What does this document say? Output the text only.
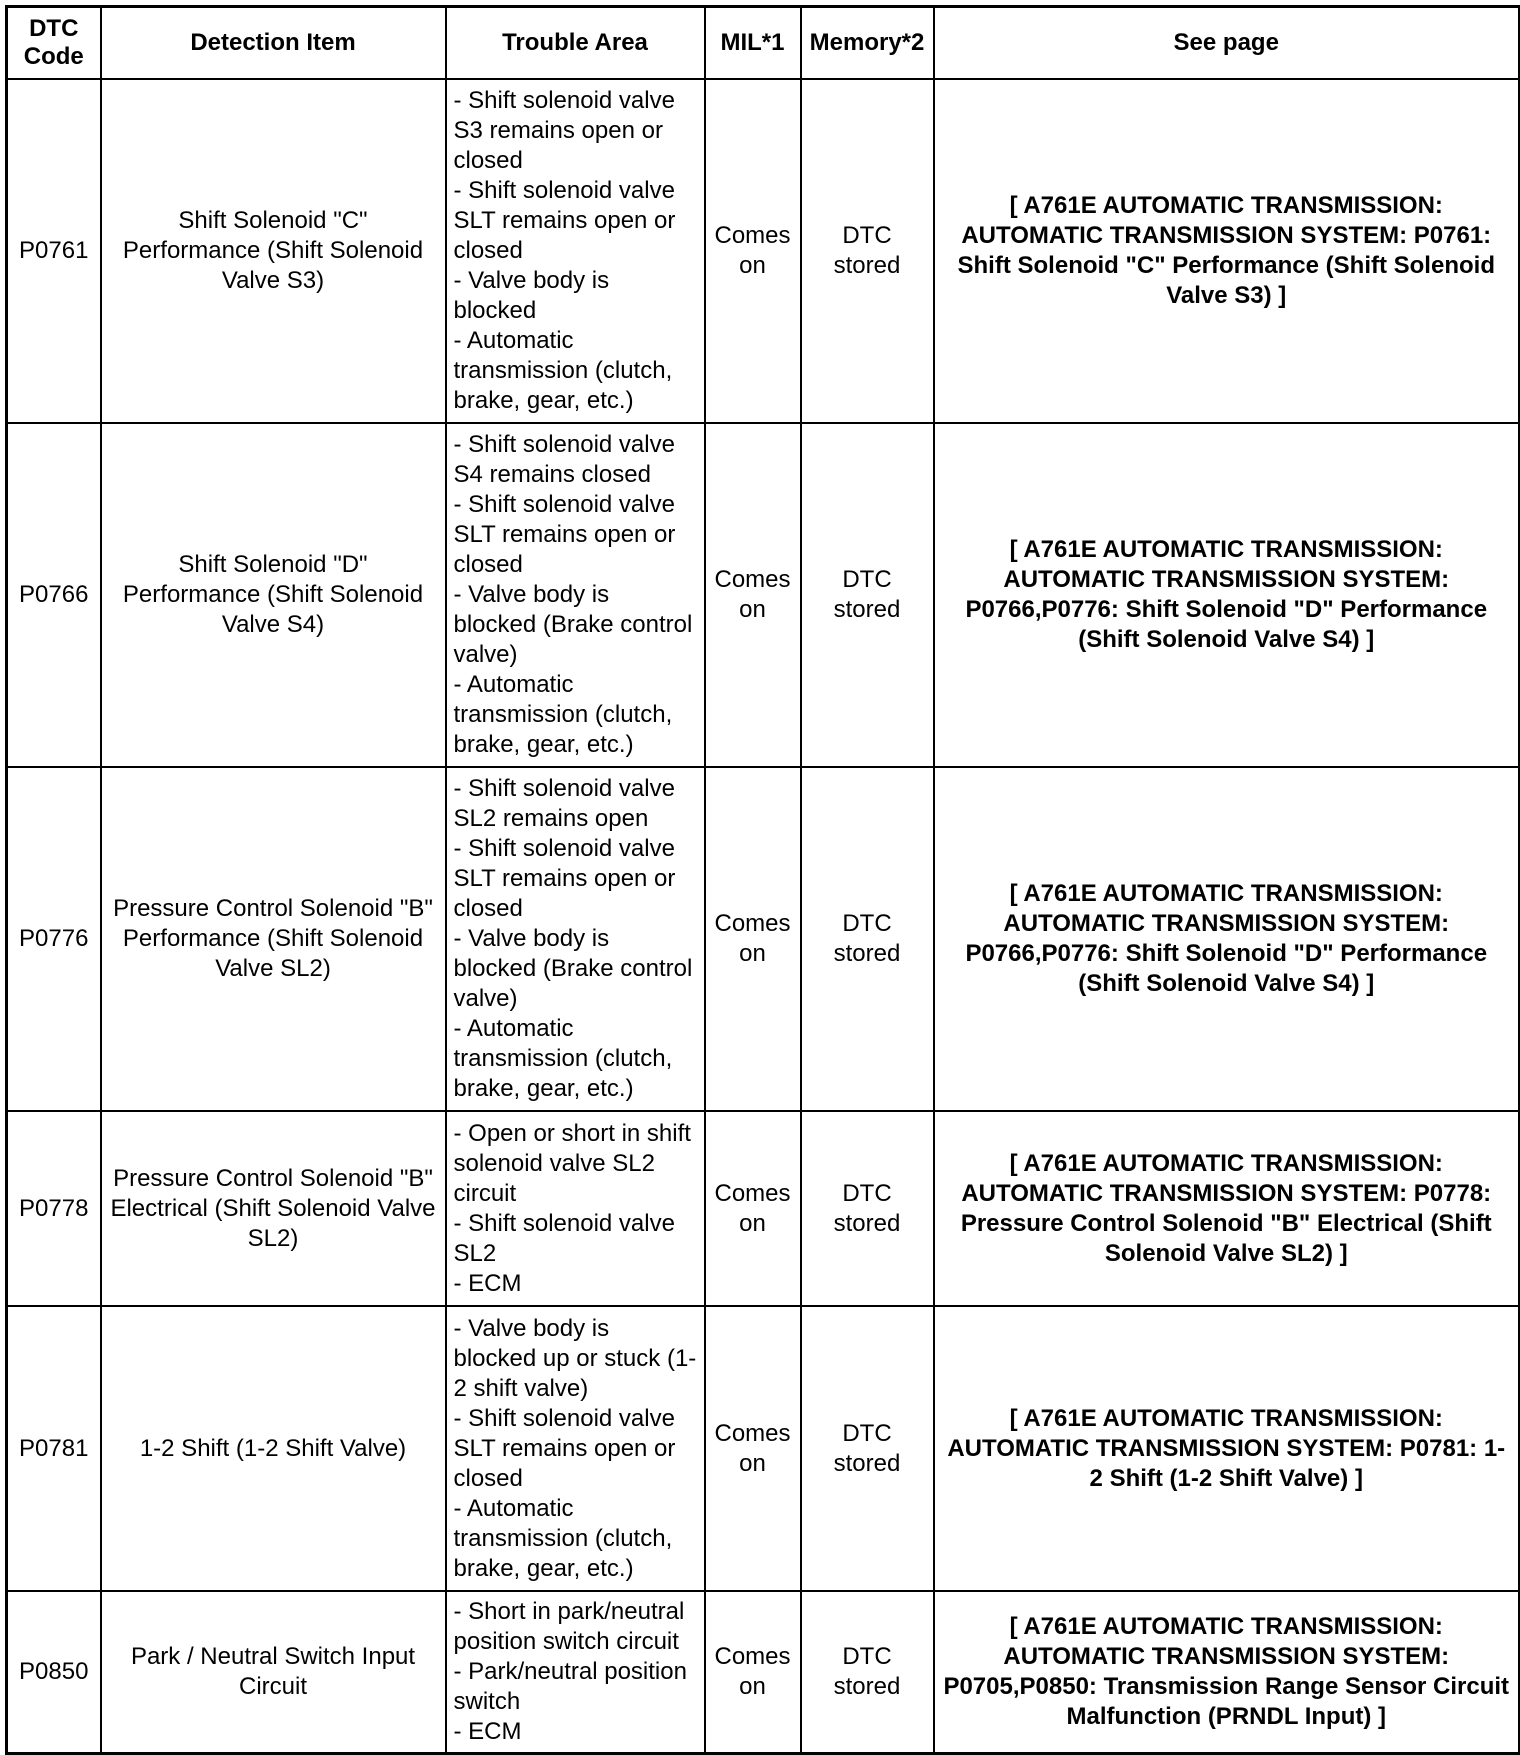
DTC Code	Detection Item	Trouble Area	MIL*1	Memory*2	See page
P0761	Shift Solenoid "C" Performance (Shift Solenoid Valve S3)	- Shift solenoid valve S3 remains open or closed
- Shift solenoid valve SLT remains open or closed
- Valve body is blocked
- Automatic transmission (clutch, brake, gear, etc.)	Comes on	DTC stored	[ A761E AUTOMATIC TRANSMISSION: AUTOMATIC TRANSMISSION SYSTEM: P0761: Shift Solenoid "C" Performance (Shift Solenoid Valve S3) ]
P0766	Shift Solenoid "D" Performance (Shift Solenoid Valve S4)	- Shift solenoid valve S4 remains closed
- Shift solenoid valve SLT remains open or closed
- Valve body is blocked (Brake control valve)
- Automatic transmission (clutch, brake, gear, etc.)	Comes on	DTC stored	[ A761E AUTOMATIC TRANSMISSION: AUTOMATIC TRANSMISSION SYSTEM: P0766,P0776: Shift Solenoid "D" Performance (Shift Solenoid Valve S4) ]
P0776	Pressure Control Solenoid "B" Performance (Shift Solenoid Valve SL2)	- Shift solenoid valve SL2 remains open
- Shift solenoid valve SLT remains open or closed
- Valve body is blocked (Brake control valve)
- Automatic transmission (clutch, brake, gear, etc.)	Comes on	DTC stored	[ A761E AUTOMATIC TRANSMISSION: AUTOMATIC TRANSMISSION SYSTEM: P0766,P0776: Shift Solenoid "D" Performance (Shift Solenoid Valve S4) ]
P0778	Pressure Control Solenoid "B" Electrical (Shift Solenoid Valve SL2)	- Open or short in shift solenoid valve SL2 circuit
- Shift solenoid valve SL2
- ECM	Comes on	DTC stored	[ A761E AUTOMATIC TRANSMISSION: AUTOMATIC TRANSMISSION SYSTEM: P0778: Pressure Control Solenoid "B" Electrical (Shift Solenoid Valve SL2) ]
P0781	1-2 Shift (1-2 Shift Valve)	- Valve body is blocked up or stuck (1-2 shift valve)
- Shift solenoid valve SLT remains open or closed
- Automatic transmission (clutch, brake, gear, etc.)	Comes on	DTC stored	[ A761E AUTOMATIC TRANSMISSION: AUTOMATIC TRANSMISSION SYSTEM: P0781: 1-2 Shift (1-2 Shift Valve) ]
P0850	Park / Neutral Switch Input Circuit	- Short in park/neutral position switch circuit
- Park/neutral position switch
- ECM	Comes on	DTC stored	[ A761E AUTOMATIC TRANSMISSION: AUTOMATIC TRANSMISSION SYSTEM: P0705,P0850: Transmission Range Sensor Circuit Malfunction (PRNDL Input) ]
